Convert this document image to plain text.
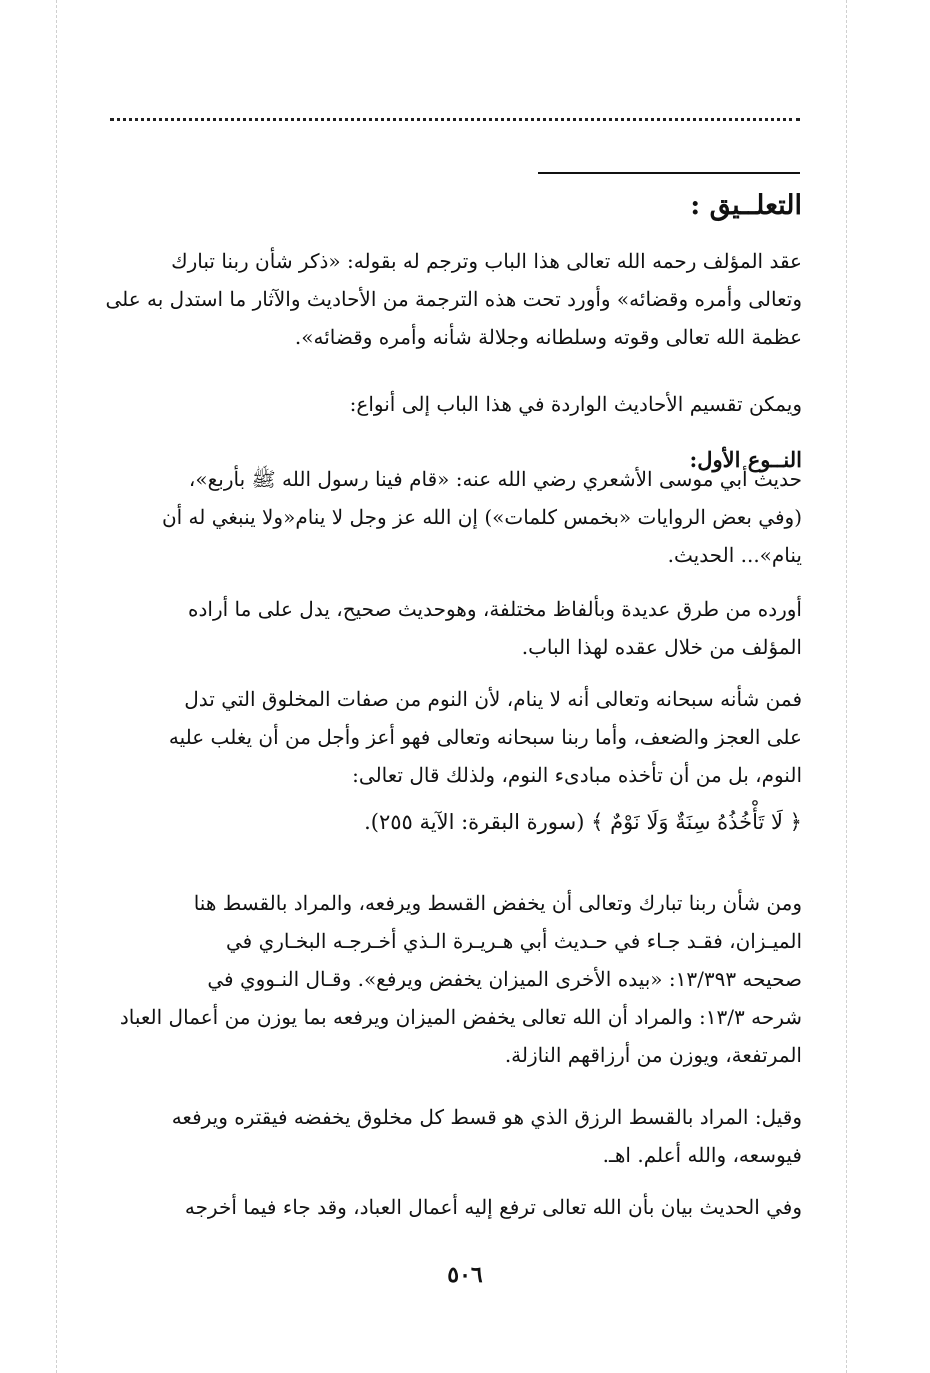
التعلــيق :
عقد المؤلف رحمه الله تعالى هذا الباب وترجم له بقوله: «ذكر شأن ربنا تبارك
وتعالى وأمره وقضائه» وأورد تحت هذه الترجمة من الأحاديث والآثار ما استدل به على
عظمة الله تعالى وقوته وسلطانه وجلالة شأنه وأمره وقضائه».
ويمكن تقسيم الأحاديث الواردة في هذا الباب إلى أنواع:
النــوع الأول:
حديث أبي موسى الأشعري رضي الله عنه: «قام فينا رسول الله ﷺ بأربع»،
(وفي بعض الروايات «بخمس كلمات») إن الله عز وجل لا ينام«ولا ينبغي له أن
ينام»... الحديث.
أورده من طرق عديدة وبألفاظ مختلفة، وهوحديث صحيح، يدل على ما أراده
المؤلف من خلال عقده لهذا الباب.
فمن شأنه سبحانه وتعالى أنه لا ينام، لأن النوم من صفات المخلوق التي تدل
على العجز والضعف، وأما ربنا سبحانه وتعالى فهو أعز وأجل من أن يغلب عليه
النوم، بل من أن تأخذه مبادىء النوم، ولذلك قال تعالى:
﴿ لَا تَأْخُذُهُ سِنَةٌ وَلَا نَوْمٌ ﴾ (سورة البقرة: الآية ٢٥٥).
ومن شأن ربنا تبارك وتعالى أن يخفض القسط ويرفعه، والمراد بالقسط هنا
الميـزان، فقـد جـاء في حـديث أبي هـريـرة الـذي أخـرجـه البخـاري في
صحيحه ١٣/٣٩٣: «بيده الأخرى الميزان يخفض ويرفع». وقـال النـووي في
شرحه ١٣/٣: والمراد أن الله تعالى يخفض الميزان ويرفعه بما يوزن من أعمال العباد
المرتفعة، ويوزن من أرزاقهم النازلة.
وقيل: المراد بالقسط الرزق الذي هو قسط كل مخلوق يخفضه فيقتره ويرفعه
فيوسعه، والله أعلم. اهـ.
وفي الحديث بيان بأن الله تعالى ترفع إليه أعمال العباد، وقد جاء فيما أخرجه
٥٠٦
